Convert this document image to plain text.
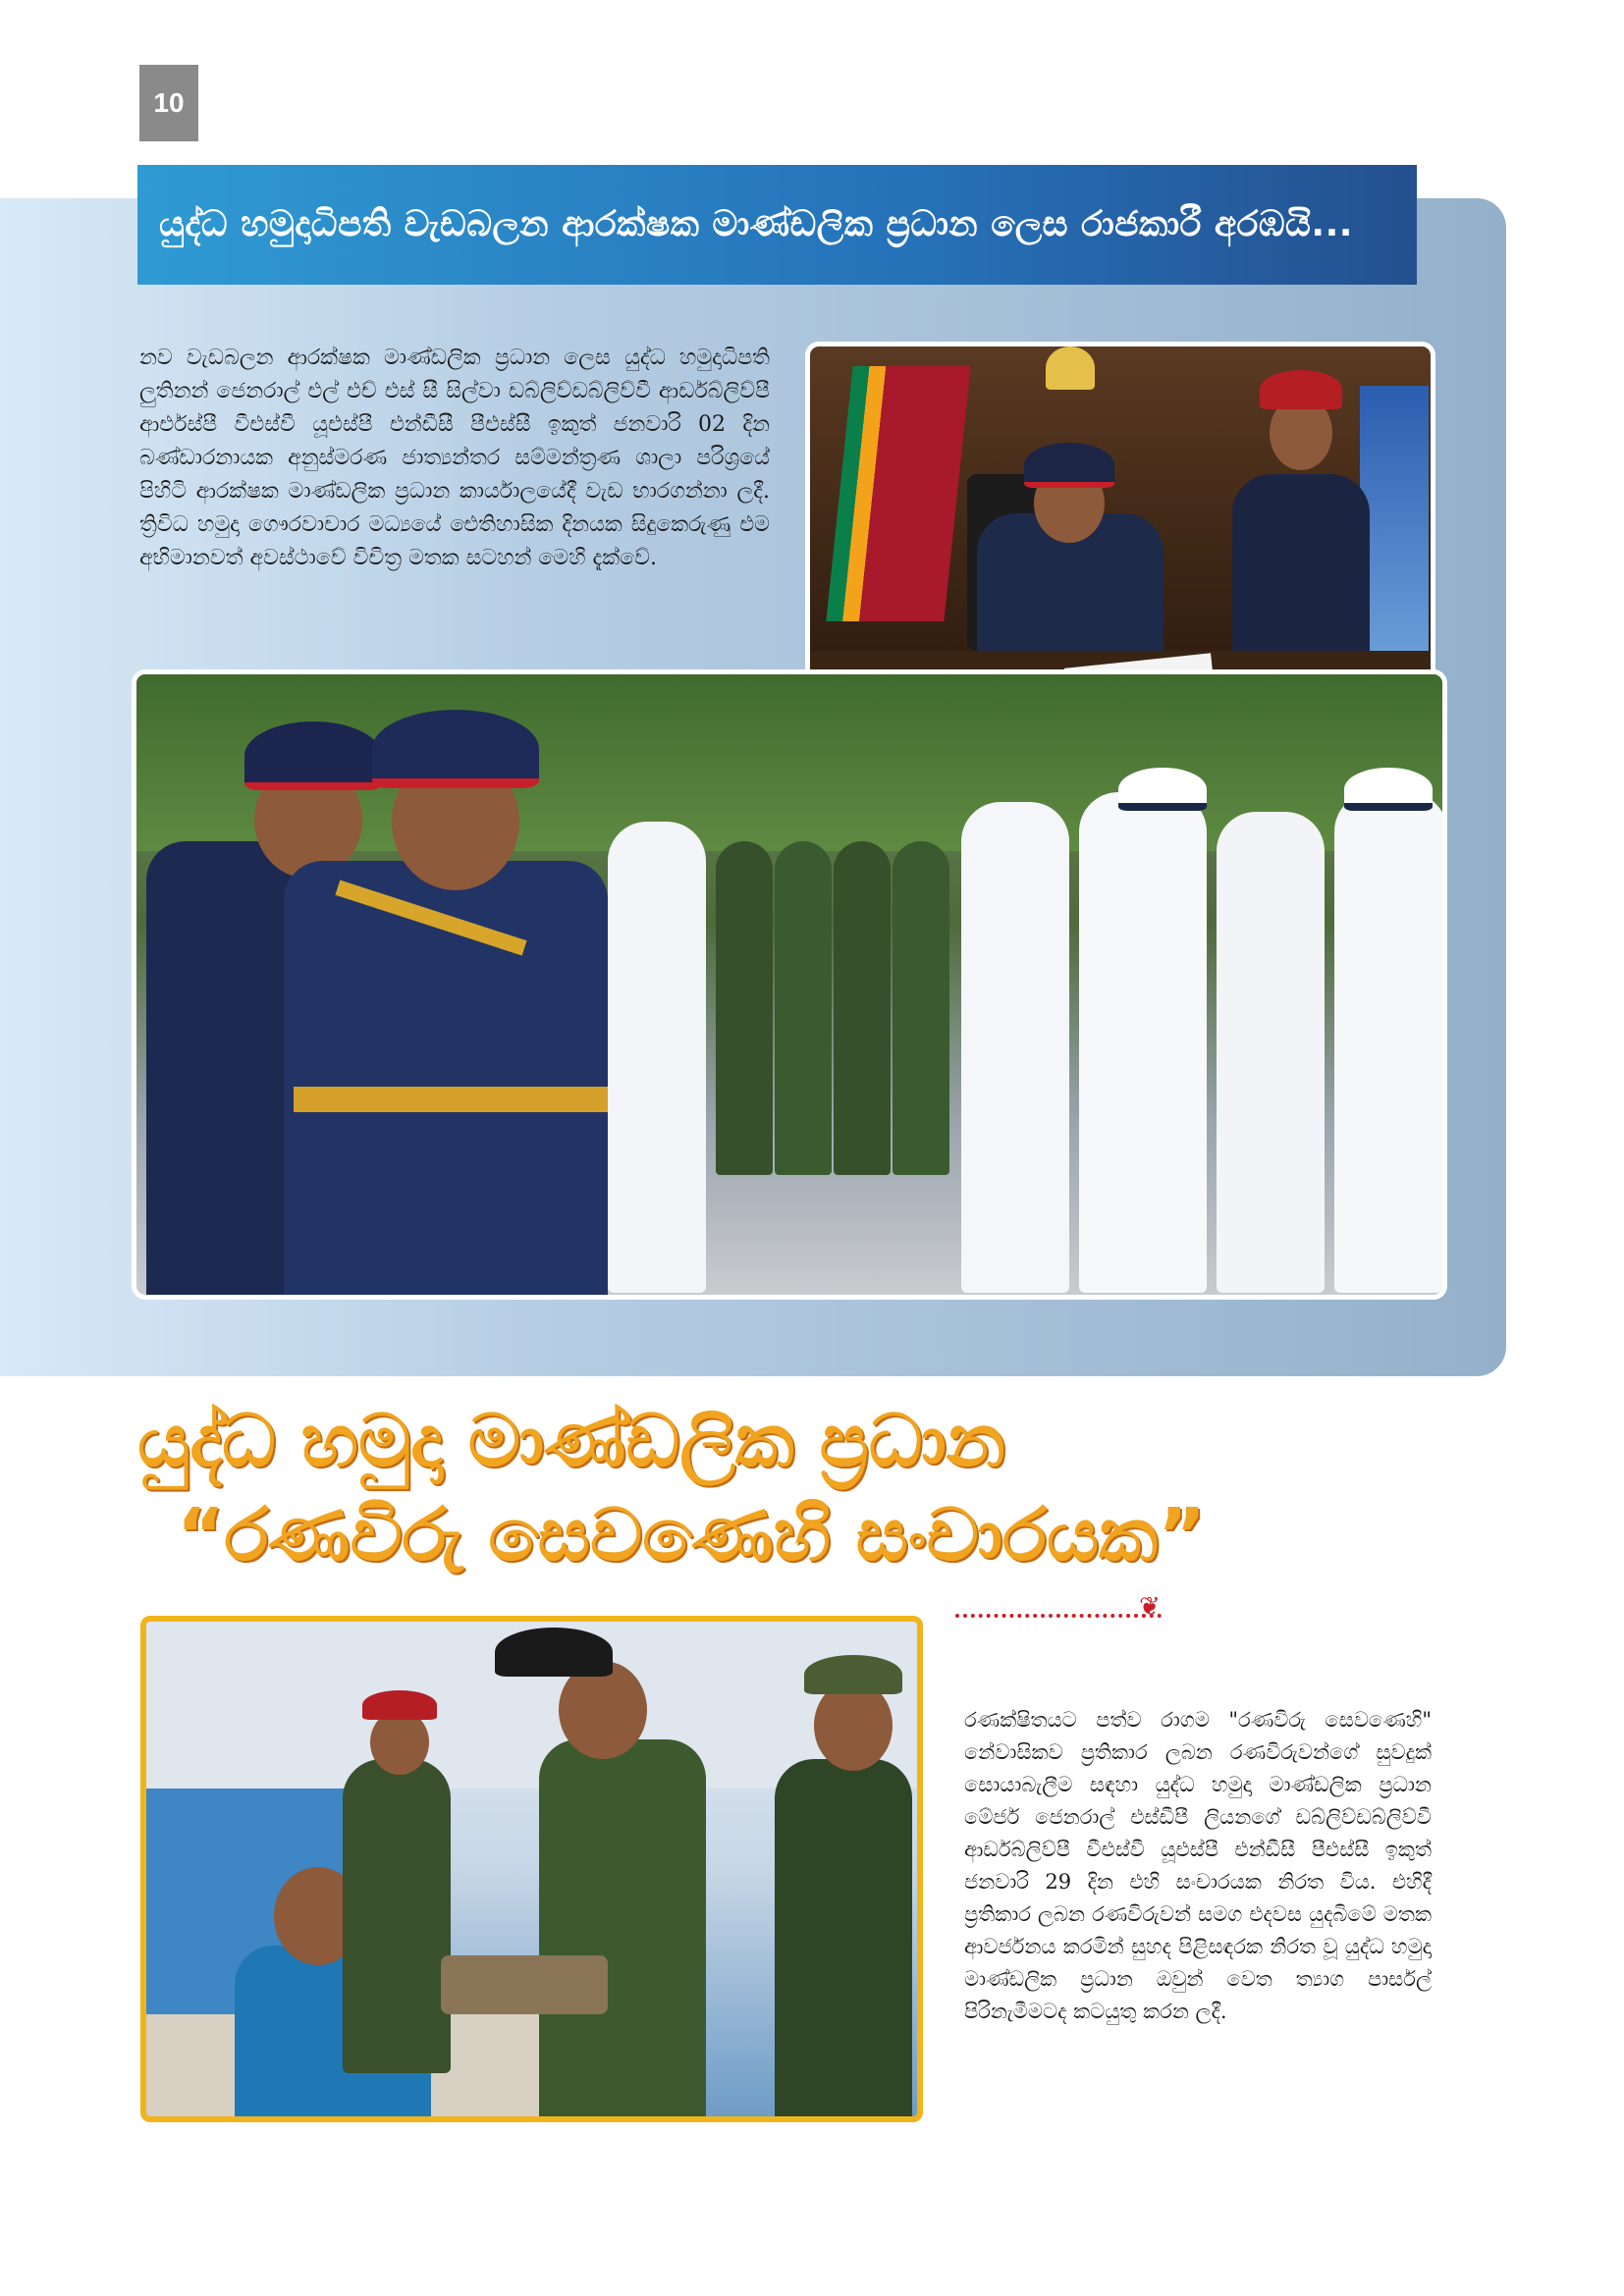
10
යුද්ධ හමුදාධිපති වැඩබලන ආරක්ෂක මාණ්ඩලික ප්‍රධාන ලෙස රාජකාරී අරඹයි...
නව වැඩබලන ආරක්ෂක මාණ්ඩලික ප්‍රධාන ලෙස යුද්ධ හමුදාධිපති ලුතිනන් ජෙනරාල් එල් එච් එස් සී සිල්වා ඩබ්ලිව්ඩබ්ලිව්වී ආර්ඩබ්ලිව්පී ආර්එස්පී වීඑස්වී යූඑස්පී එන්ඩීසී පීඑස්සී ඉකුත් ජනවාරි 02 දින බණ්ඩාරනායක අනුස්මරණ ජාත්‍යන්තර සම්මන්ත්‍රණ ශාලා පරිශ්‍රයේ පිහිටි ආරක්ෂක මාණ්ඩලික ප්‍රධාන කාර්යාලයේදී වැඩ භාරගන්නා ලදී. ත්‍රිවිධ හමුදා ගෞරවාචාර මධ්‍යයේ ඓතිහාසික දිනයක සිදුකෙරුණු එම අභිමානවත් අවස්ථාවේ විචිත්‍ර මතක සටහන් මෙහි දැක්වේ.
යුද්ධ හමුදා මාණ්ඩලික ප්‍රධාන
“රණවිරු සෙවණෙහි සංචාරයක”
❦
රණක්ෂිතයට පත්ව රාගම "රණවිරු සෙවණෙහි" නේවාසිකව ප්‍රතිකාර ලබන රණවිරුවන්ගේ සුවදුක් සොයාබැලීම සඳහා යුද්ධ හමුදා මාණ්ඩලික ප්‍රධාන මේජර් ජෙනරාල් එස්ඩීපී ලියනගේ ඩබ්ලිව්ඩබ්ලිව්වී ආර්ඩබ්ලිව්පී වීඑස්වී යූඑස්පී එන්ඩීසී පීඑස්සී ඉකුත් ජනවාරි 29 දින එහි සංචාරයක නිරත විය. එහිදී ප්‍රතිකාර ලබන රණවිරුවන් සමග එදවස යුදබිමේ මතක ආවර්ජනය කරමින් සුහද පිළිසඳරක නිරත වූ යුද්ධ හමුදා මාණ්ඩලික ප්‍රධාන ඔවුන් වෙත ත්‍යාග පාර්සල් පිරිනැමීමටද කටයුතු කරන ලදී.
